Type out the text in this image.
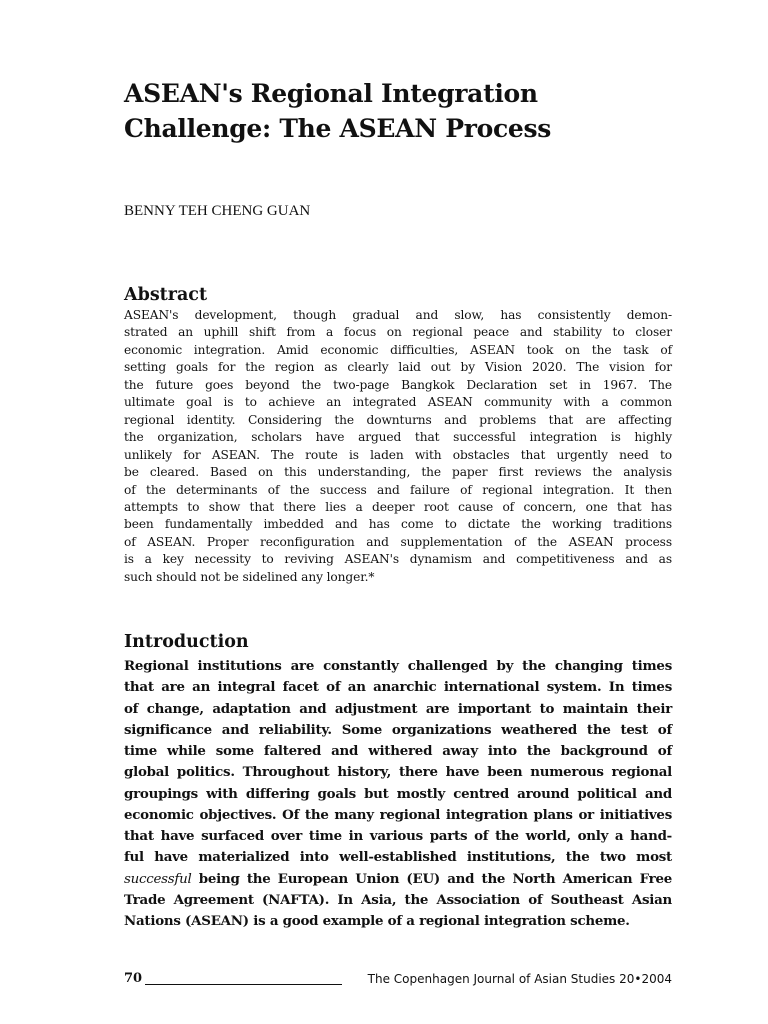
ASEAN's Regional Integration
Challenge: The ASEAN Process
BENNY TEH CHENG GUAN
Abstract
ASEAN's development, though gradual and slow, has consistently demon-
strated an uphill shift from a focus on regional peace and stability to closer
economic integration. Amid economic difficulties, ASEAN took on the task of
setting goals for the region as clearly laid out by Vision 2020. The vision for
the future goes beyond the two-page Bangkok Declaration set in 1967. The
ultimate goal is to achieve an integrated ASEAN community with a common
regional identity. Considering the downturns and problems that are affecting
the organization, scholars have argued that successful integration is highly
unlikely for ASEAN. The route is laden with obstacles that urgently need to
be cleared. Based on this understanding, the paper first reviews the analysis
of the determinants of the success and failure of regional integration. It then
attempts to show that there lies a deeper root cause of concern, one that has
been fundamentally imbedded and has come to dictate the working traditions
of ASEAN. Proper reconfiguration and supplementation of the ASEAN process
is a key necessity to reviving ASEAN's dynamism and competitiveness and as
such should not be sidelined any longer.*
Introduction
Regional institutions are constantly challenged by the changing times
that are an integral facet of an anarchic international system. In times
of change, adaptation and adjustment are important to maintain their
significance and reliability. Some organizations weathered the test of
time while some faltered and withered away into the background of
global politics. Throughout history, there have been numerous regional
groupings with differing goals but mostly centred around political and
economic objectives. Of the many regional integration plans or initiatives
that have surfaced over time in various parts of the world, only a hand-
ful have materialized into well-established institutions, the two most
successful being the European Union (EU) and the North American Free
Trade Agreement (NAFTA). In Asia, the Association of Southeast Asian
Nations (ASEAN) is a good example of a regional integration scheme.
70	The Copenhagen Journal of Asian Studies 20•2004
